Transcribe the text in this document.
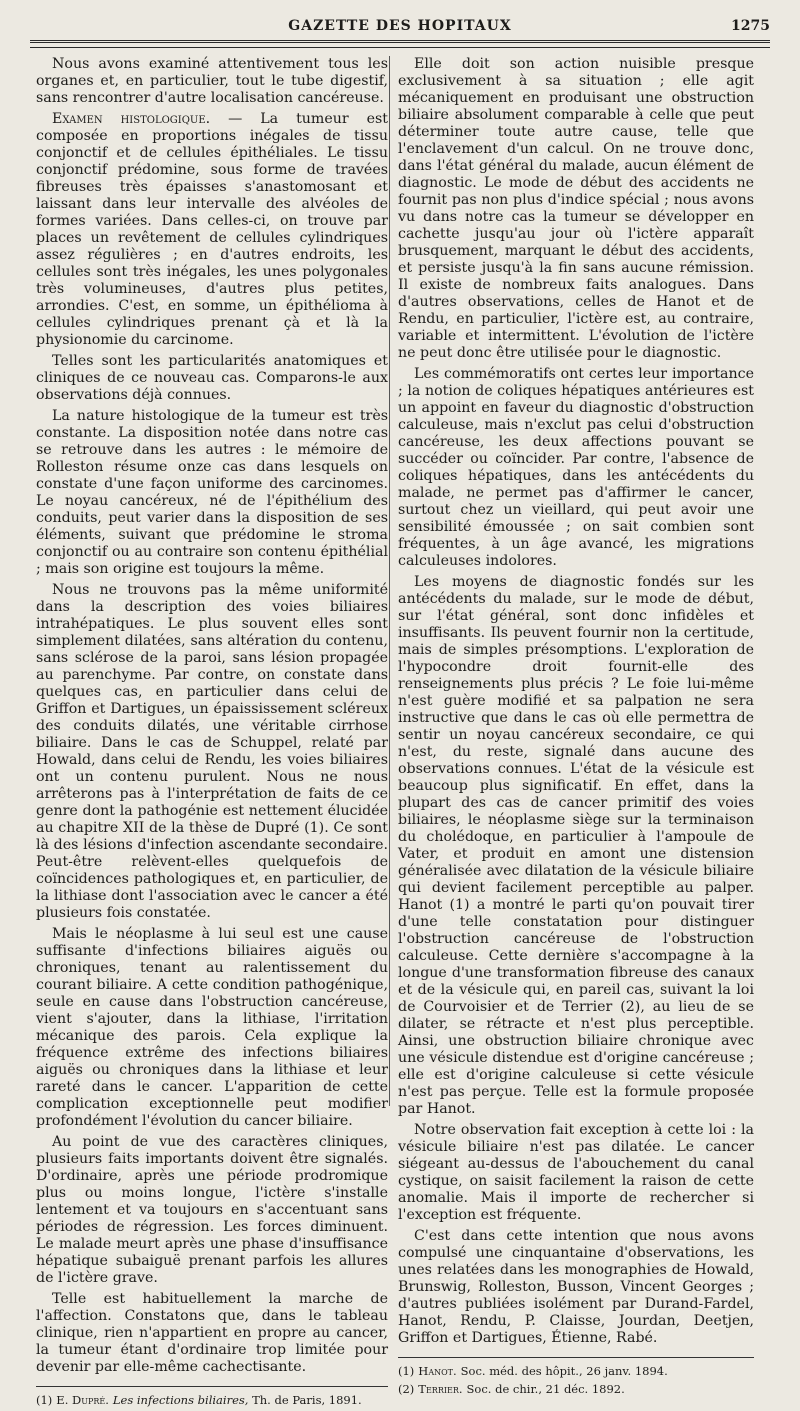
GAZETTE DES HOPITAUX	1275

Nous avons examiné attentivement tous les organes et, en particulier, tout le tube digestif, sans rencontrer d'autre localisation cancéreuse.

Examen histologique. — La tumeur est composée en proportions inégales de tissu conjonctif et de cellules épithéliales. Le tissu conjonctif prédomine, sous forme de travées fibreuses très épaisses s'anastomosant et laissant dans leur intervalle des alvéoles de formes variées. Dans celles-ci, on trouve par places un revêtement de cellules cylindriques assez régulières ; en d'autres endroits, les cellules sont très inégales, les unes polygonales très volumineuses, d'autres plus petites, arrondies. C'est, en somme, un épithélioma à cellules cylindriques prenant çà et là la physionomie du carcinome.

Telles sont les particularités anatomiques et cliniques de ce nouveau cas. Comparons-le aux observations déjà connues.

La nature histologique de la tumeur est très constante. La disposition notée dans notre cas se retrouve dans les autres : le mémoire de Rolleston résume onze cas dans lesquels on constate d'une façon uniforme des carcinomes. Le noyau cancéreux, né de l'épithélium des conduits, peut varier dans la disposition de ses éléments, suivant que prédomine le stroma conjonctif ou au contraire son contenu épithélial ; mais son origine est toujours la même.

Nous ne trouvons pas la même uniformité dans la description des voies biliaires intrahépatiques. Le plus souvent elles sont simplement dilatées, sans altération du contenu, sans sclérose de la paroi, sans lésion propagée au parenchyme. Par contre, on constate dans quelques cas, en particulier dans celui de Griffon et Dartigues, un épaississement scléreux des conduits dilatés, une véritable cirrhose biliaire. Dans le cas de Schuppel, relaté par Howald, dans celui de Rendu, les voies biliaires ont un contenu purulent. Nous ne nous arrêterons pas à l'interprétation de faits de ce genre dont la pathogénie est nettement élucidée au chapitre XII de la thèse de Dupré (1). Ce sont là des lésions d'infection ascendante secondaire. Peut-être relèvent-elles quelquefois de coïncidences pathologiques et, en particulier, de la lithiase dont l'association avec le cancer a été plusieurs fois constatée.

Mais le néoplasme à lui seul est une cause suffisante d'infections biliaires aiguës ou chroniques, tenant au ralentissement du courant biliaire. A cette condition pathogénique, seule en cause dans l'obstruction cancéreuse, vient s'ajouter, dans la lithiase, l'irritation mécanique des parois. Cela explique la fréquence extrême des infections biliaires aiguës ou chroniques dans la lithiase et leur rareté dans le cancer. L'apparition de cette complication exceptionnelle peut modifier profondément l'évolution du cancer biliaire.

Au point de vue des caractères cliniques, plusieurs faits importants doivent être signalés. D'ordinaire, après une période prodromique plus ou moins longue, l'ictère s'installe lentement et va toujours en s'accentuant sans périodes de régression. Les forces diminuent. Le malade meurt après une phase d'insuffisance hépatique subaiguë prenant parfois les allures de l'ictère grave.

Telle est habituellement la marche de l'affection. Constatons que, dans le tableau clinique, rien n'appartient en propre au cancer, la tumeur étant d'ordinaire trop limitée pour devenir par elle-même cachectisante.

(1) E. Dupré. Les infections biliaires, Th. de Paris, 1891.

Elle doit son action nuisible presque exclusivement à sa situation ; elle agit mécaniquement en produisant une obstruction biliaire absolument comparable à celle que peut déterminer toute autre cause, telle que l'enclavement d'un calcul. On ne trouve donc, dans l'état général du malade, aucun élément de diagnostic. Le mode de début des accidents ne fournit pas non plus d'indice spécial ; nous avons vu dans notre cas la tumeur se développer en cachette jusqu'au jour où l'ictère apparaît brusquement, marquant le début des accidents, et persiste jusqu'à la fin sans aucune rémission. Il existe de nombreux faits analogues. Dans d'autres observations, celles de Hanot et de Rendu, en particulier, l'ictère est, au contraire, variable et intermittent. L'évolution de l'ictère ne peut donc être utilisée pour le diagnostic.

Les commémoratifs ont certes leur importance ; la notion de coliques hépatiques antérieures est un appoint en faveur du diagnostic d'obstruction calculeuse, mais n'exclut pas celui d'obstruction cancéreuse, les deux affections pouvant se succéder ou coïncider. Par contre, l'absence de coliques hépatiques, dans les antécédents du malade, ne permet pas d'affirmer le cancer, surtout chez un vieillard, qui peut avoir une sensibilité émoussée ; on sait combien sont fréquentes, à un âge avancé, les migrations calculeuses indolores.

Les moyens de diagnostic fondés sur les antécédents du malade, sur le mode de début, sur l'état général, sont donc infidèles et insuffisants. Ils peuvent fournir non la certitude, mais de simples présomptions. L'exploration de l'hypocondre droit fournit-elle des renseignements plus précis ? Le foie lui-même n'est guère modifié et sa palpation ne sera instructive que dans le cas où elle permettra de sentir un noyau cancéreux secondaire, ce qui n'est, du reste, signalé dans aucune des observations connues. L'état de la vésicule est beaucoup plus significatif. En effet, dans la plupart des cas de cancer primitif des voies biliaires, le néoplasme siège sur la terminaison du cholédoque, en particulier à l'ampoule de Vater, et produit en amont une distension généralisée avec dilatation de la vésicule biliaire qui devient facilement perceptible au palper. Hanot (1) a montré le parti qu'on pouvait tirer d'une telle constatation pour distinguer l'obstruction cancéreuse de l'obstruction calculeuse. Cette dernière s'accompagne à la longue d'une transformation fibreuse des canaux et de la vésicule qui, en pareil cas, suivant la loi de Courvoisier et de Terrier (2), au lieu de se dilater, se rétracte et n'est plus perceptible. Ainsi, une obstruction biliaire chronique avec une vésicule distendue est d'origine cancéreuse ; elle est d'origine calculeuse si cette vésicule n'est pas perçue. Telle est la formule proposée par Hanot.

Notre observation fait exception à cette loi : la vésicule biliaire n'est pas dilatée. Le cancer siégeant au-dessus de l'abouchement du canal cystique, on saisit facilement la raison de cette anomalie. Mais il importe de rechercher si l'exception est fréquente.

C'est dans cette intention que nous avons compulsé une cinquantaine d'observations, les unes relatées dans les monographies de Howald, Brunswig, Rolleston, Busson, Vincent Georges ; d'autres publiées isolément par Durand-Fardel, Hanot, Rendu, P. Claisse, Jourdan, Deetjen, Griffon et Dartigues, Étienne, Rabé.

(1) Hanot. Soc. méd. des hôpit., 26 janv. 1894.

(2) Terrier. Soc. de chir., 21 déc. 1892.
